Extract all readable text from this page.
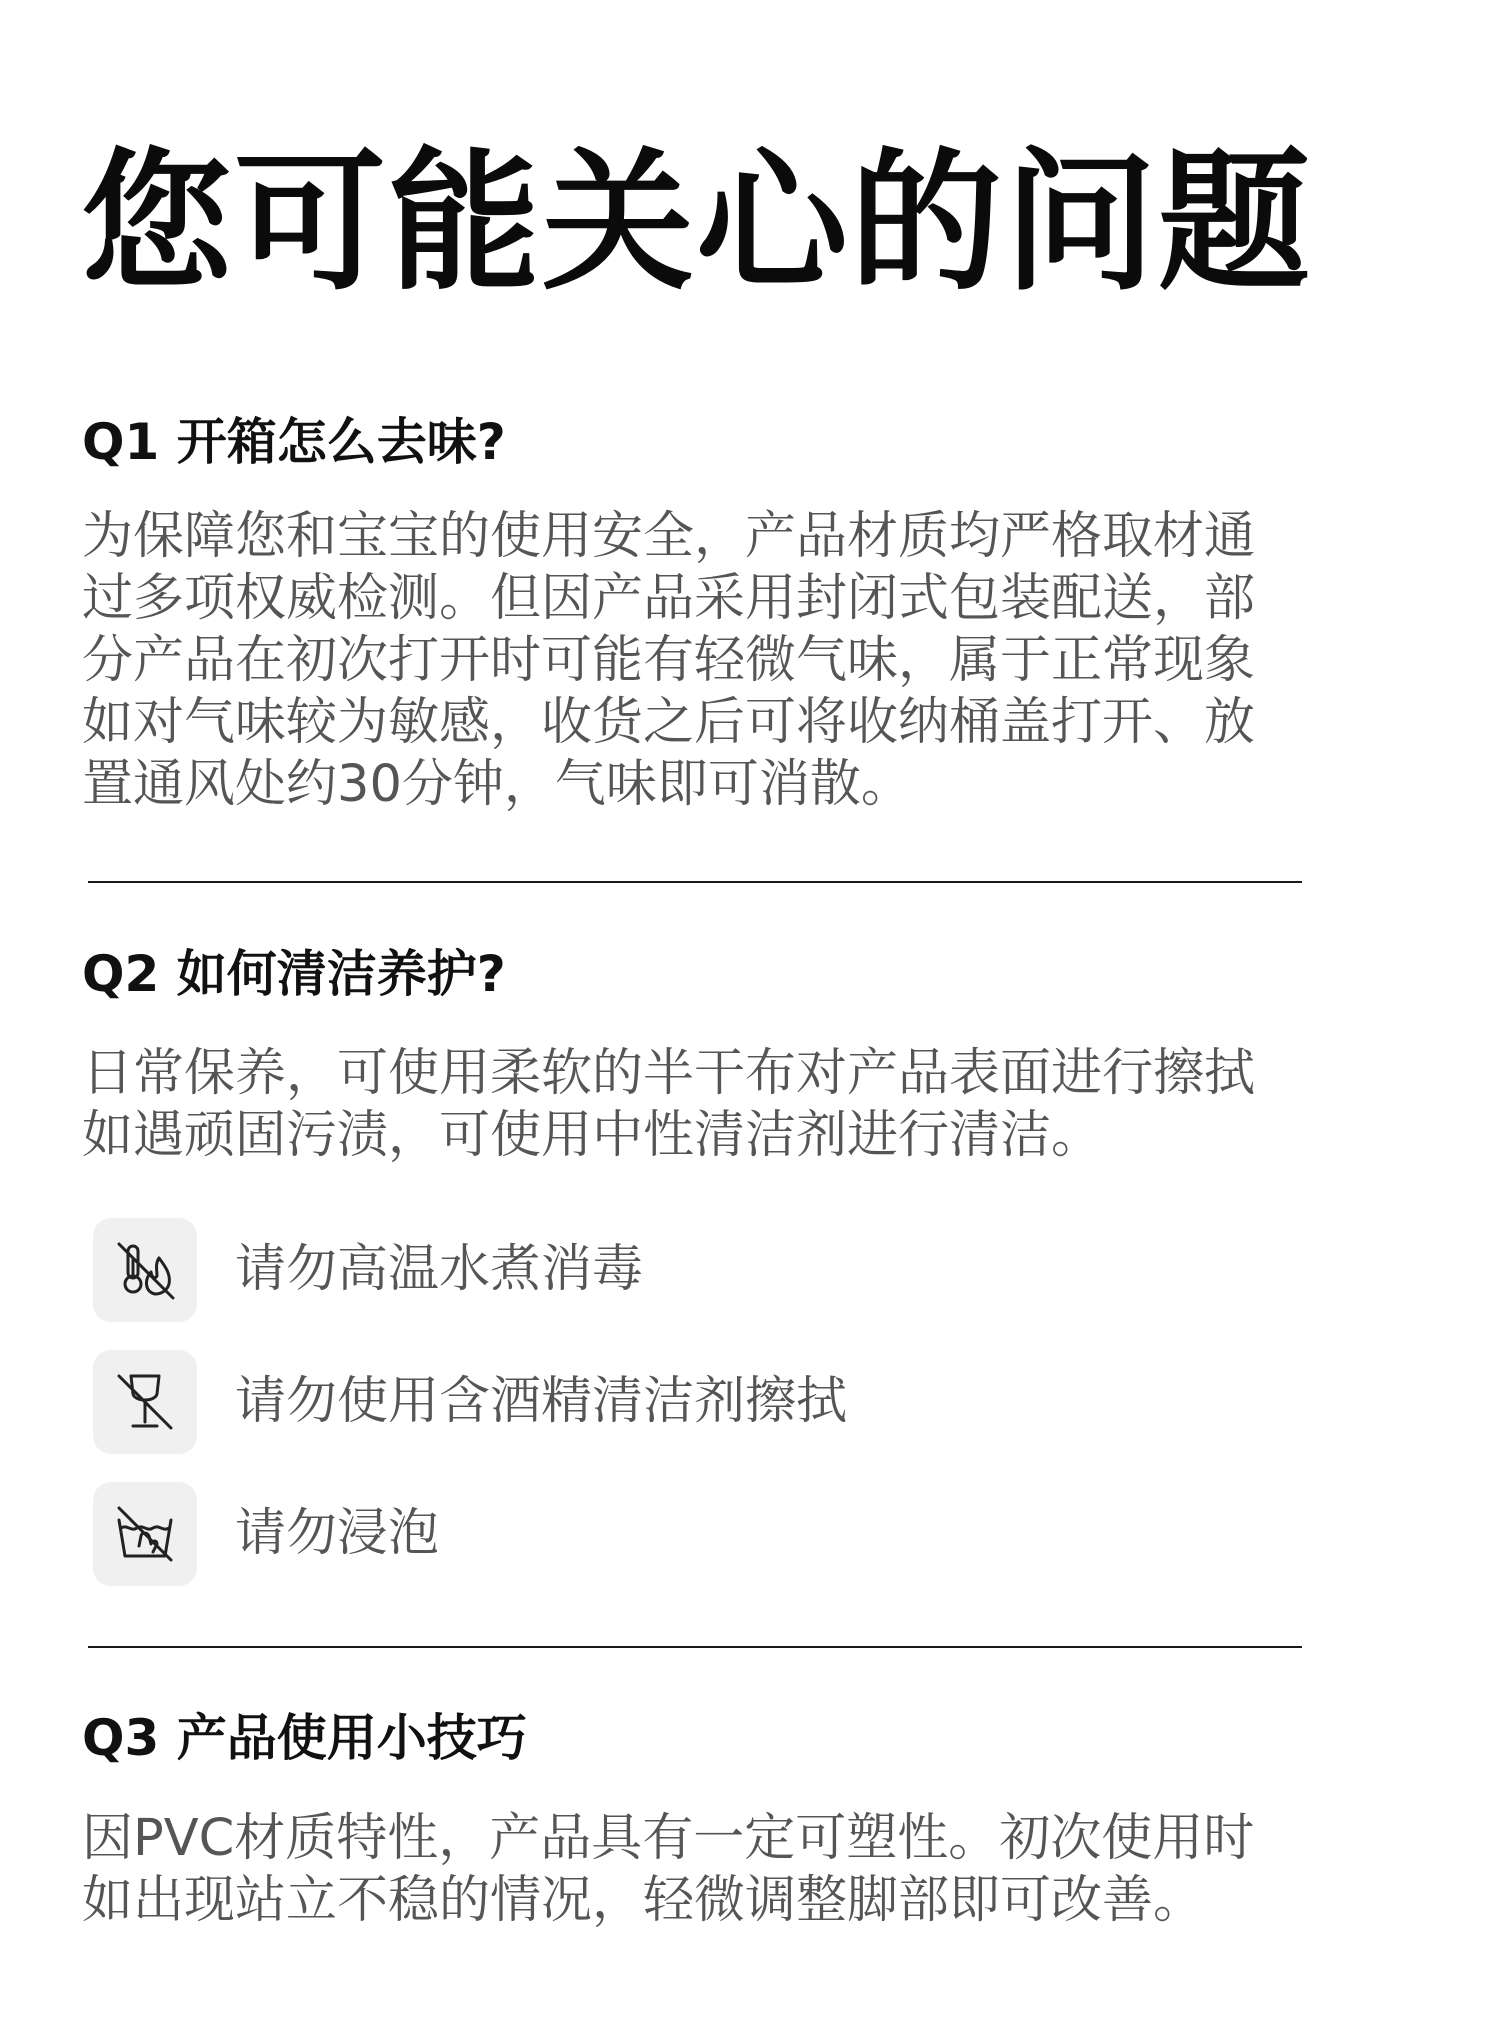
您可能关心的问题
Q1 开箱怎么去味?
为保障您和宝宝的使用安全，产品材质均严格取材通
过多项权威检测。但因产品采用封闭式包装配送，部
分产品在初次打开时可能有轻微气味，属于正常现象
如对气味较为敏感，收货之后可将收纳桶盖打开、放
置通风处约30分钟，气味即可消散。
Q2 如何清洁养护?
日常保养，可使用柔软的半干布对产品表面进行擦拭
如遇顽固污渍，可使用中性清洁剂进行清洁。
请勿高温水煮消毒
请勿使用含酒精清洁剂擦拭
请勿浸泡
Q3 产品使用小技巧
因PVC材质特性，产品具有一定可塑性。初次使用时
如出现站立不稳的情况，轻微调整脚部即可改善。
